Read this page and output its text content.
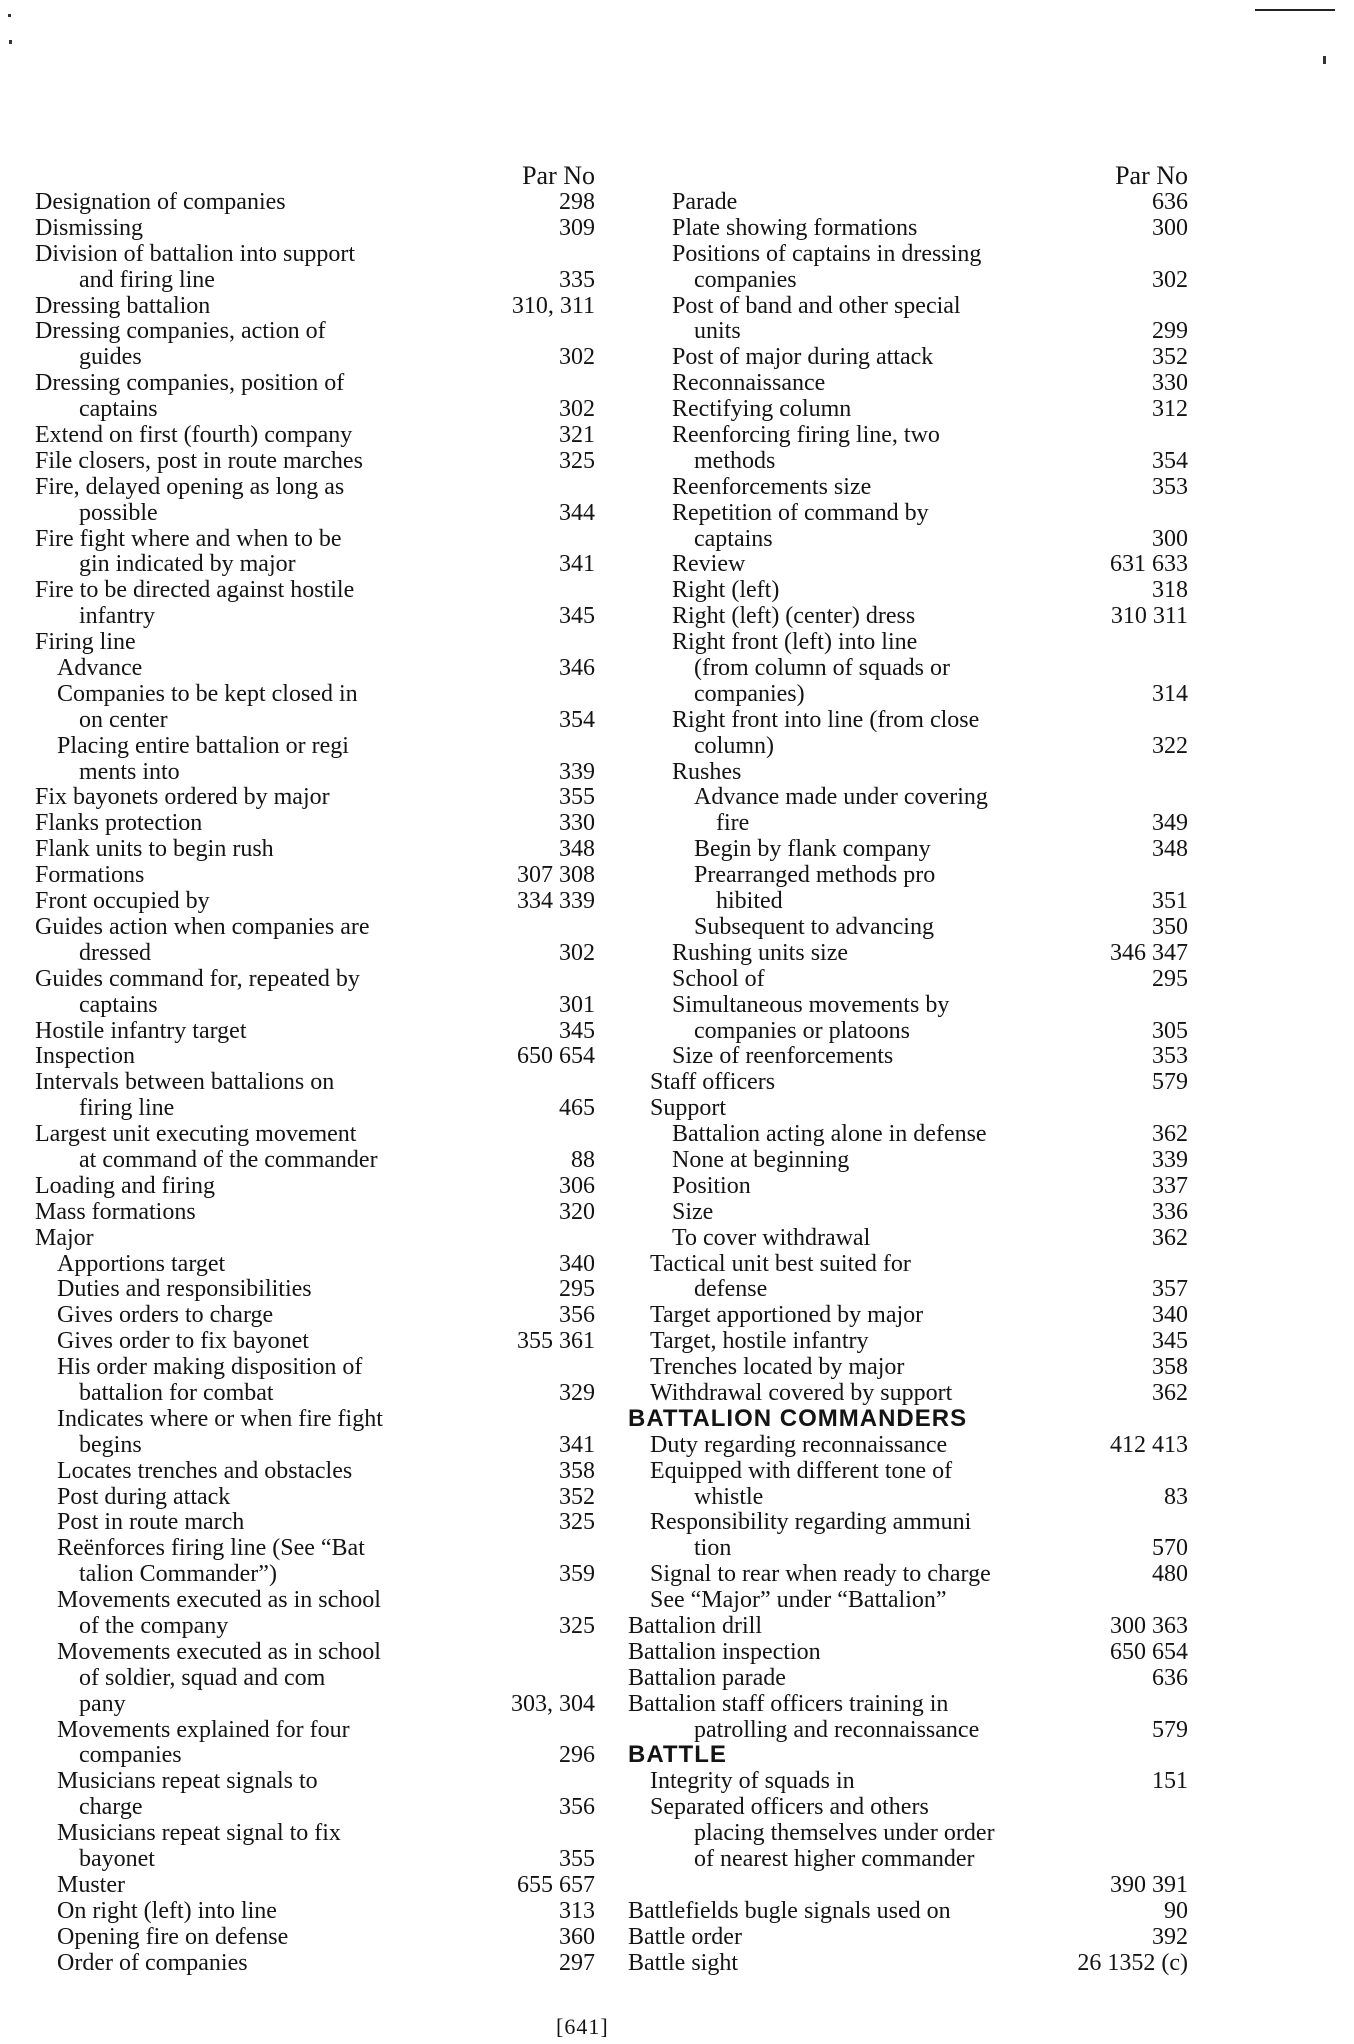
Par No
Designation of companies	298
Dismissing	309
Division of battalion into support
and firing line	335
Dressing battalion	310, 311
Dressing companies, action of
guides	302
Dressing companies, position of
captains	302
Extend on first (fourth) company	321
File closers, post in route marches	325
Fire, delayed opening as long as
possible	344
Fire fight where and when to be
gin indicated by major	341
Fire to be directed against hostile
infantry	345
Firing line
Advance	346
Companies to be kept closed in
on center	354
Placing entire battalion or regi
ments into	339
Fix bayonets ordered by major	355
Flanks protection	330
Flank units to begin rush	348
Formations	307 308
Front occupied by	334 339
Guides action when companies are
dressed	302
Guides command for, repeated by
captains	301
Hostile infantry target	345
Inspection	650 654
Intervals between battalions on
firing line	465
Largest unit executing movement
at command of the commander	88
Loading and firing	306
Mass formations	320
Major
Apportions target	340
Duties and responsibilities	295
Gives orders to charge	356
Gives order to fix bayonet	355 361
His order making disposition of
battalion for combat	329
Indicates where or when fire fight
begins	341
Locates trenches and obstacles	358
Post during attack	352
Post in route march	325
Reënforces firing line (See “Bat
talion Commander”)	359
Movements executed as in school
of the company	325
Movements executed as in school
of soldier, squad and com
pany	303, 304
Movements explained for four
companies	296
Musicians repeat signals to
charge	356
Musicians repeat signal to fix
bayonet	355
Muster	655 657
On right (left) into line	313
Opening fire on defense	360
Order of companies	297
Par No
Parade	636
Plate showing formations	300
Positions of captains in dressing
companies	302
Post of band and other special
units	299
Post of major during attack	352
Reconnaissance	330
Rectifying column	312
Reenforcing firing line, two
methods	354
Reenforcements size	353
Repetition of command by
captains	300
Review	631 633
Right (left)	318
Right (left) (center) dress	310 311
Right front (left) into line
(from column of squads or
companies)	314
Right front into line (from close
column)	322
Rushes
Advance made under covering
fire	349
Begin by flank company	348
Prearranged methods pro
hibited	351
Subsequent to advancing	350
Rushing units size	346 347
School of	295
Simultaneous movements by
companies or platoons	305
Size of reenforcements	353
Staff officers	579
Support
Battalion acting alone in defense	362
None at beginning	339
Position	337
Size	336
To cover withdrawal	362
Tactical unit best suited for
defense	357
Target apportioned by major	340
Target, hostile infantry	345
Trenches located by major	358
Withdrawal covered by support	362
BATTALION COMMANDERS
Duty regarding reconnaissance	412 413
Equipped with different tone of
whistle	83
Responsibility regarding ammuni
tion	570
Signal to rear when ready to charge	480
See “Major” under “Battalion”
Battalion drill	300 363
Battalion inspection	650 654
Battalion parade	636
Battalion staff officers training in
patrolling and reconnaissance	579
BATTLE
Integrity of squads in	151
Separated officers and others
placing themselves under order
of nearest higher commander
390 391
Battlefields bugle signals used on	90
Battle order	392
Battle sight	26 1352 (c)
[641]
